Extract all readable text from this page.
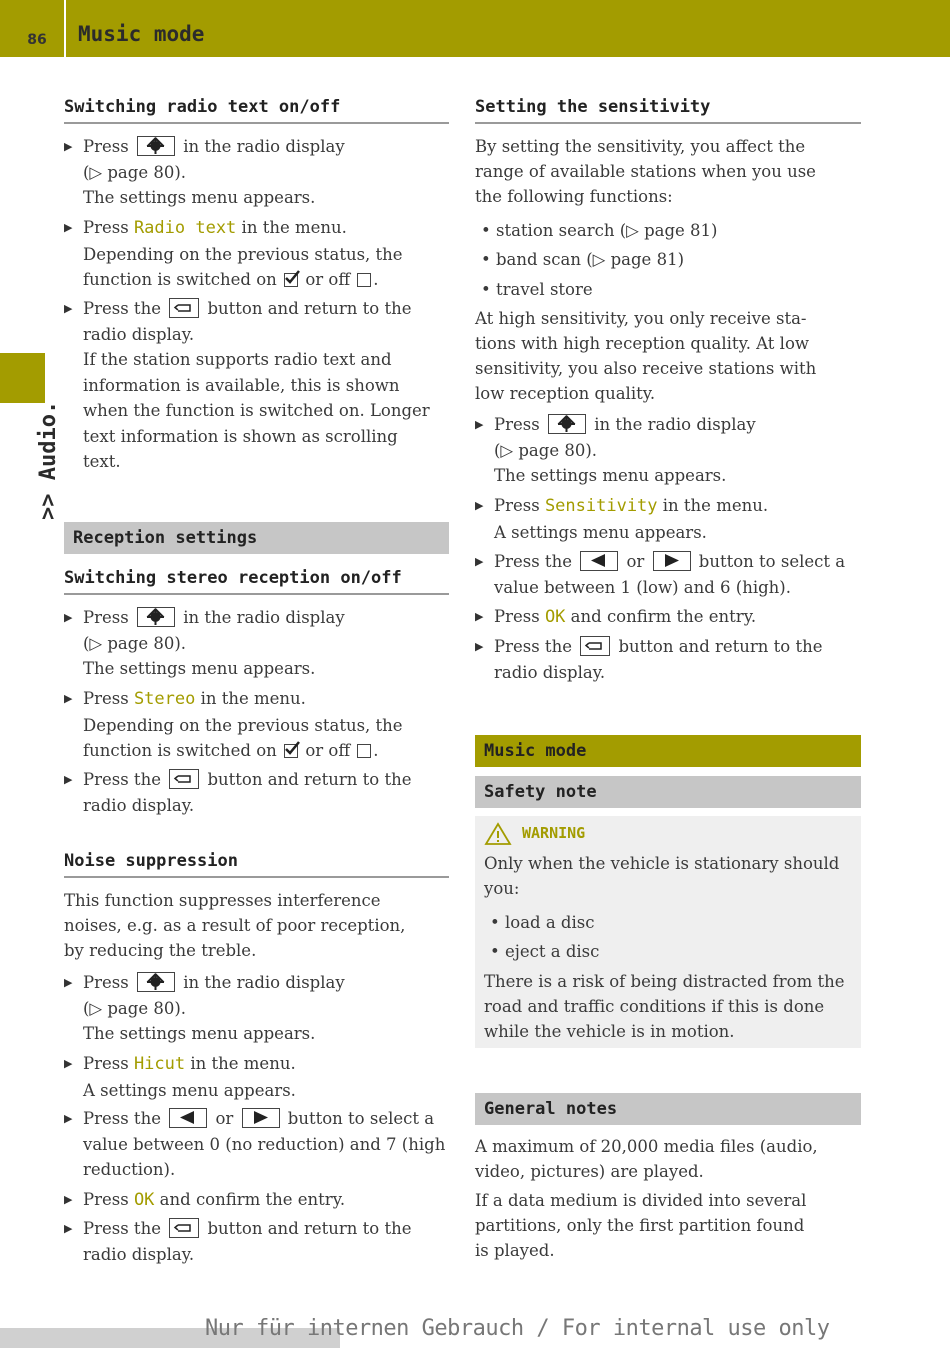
86	Music mode
>> Audio.
Switching radio text on/off
▶ Press	in the radio display
(▷ page 80).
The settings menu appears.
▶ Press Radio text in the menu.
Depending on the previous status, the
function is switched on or off .
▶ Press the	button and return to the
radio display.
If the station supports radio text and
information is available, this is shown
when the function is switched on. Longer
text information is shown as scrolling
text.
Reception settings
Switching stereo reception on/off
▶ Press	in the radio display
(▷ page 80).
The settings menu appears.
▶ Press Stereo in the menu.
Depending on the previous status, the
function is switched on or off .
▶ Press the	button and return to the
radio display.
Noise suppression
This function suppresses interference
noises, e.g. as a result of poor reception,
by reducing the treble.
▶ Press	in the radio display
(▷ page 80).
The settings menu appears.
▶ Press Hicut in the menu.
A settings menu appears.
▶ Press the	or	button to select a
value between 0 (no reduction) and 7 (high
reduction).
▶ Press OK and confirm the entry.
▶ Press the	button and return to the
radio display.
Setting the sensitivity
By setting the sensitivity, you affect the
range of available stations when you use
the following functions:
• station search (▷ page 81)
• band scan (▷ page 81)
• travel store
At high sensitivity, you only receive sta-
tions with high reception quality. At low
sensitivity, you also receive stations with
low reception quality.
▶ Press	in the radio display
(▷ page 80).
The settings menu appears.
▶ Press Sensitivity in the menu.
A settings menu appears.
▶ Press the	or	button to select a
value between 1 (low) and 6 (high).
▶ Press OK and confirm the entry.
▶ Press the	button and return to the
radio display.
Music mode
Safety note
WARNING
Only when the vehicle is stationary should
you:
• load a disc
• eject a disc
There is a risk of being distracted from the
road and traffic conditions if this is done
while the vehicle is in motion.
General notes
A maximum of 20,000 media files (audio,
video, pictures) are played.
If a data medium is divided into several
partitions, only the first partition found
is played.
Nur für internen Gebrauch / For internal use only
